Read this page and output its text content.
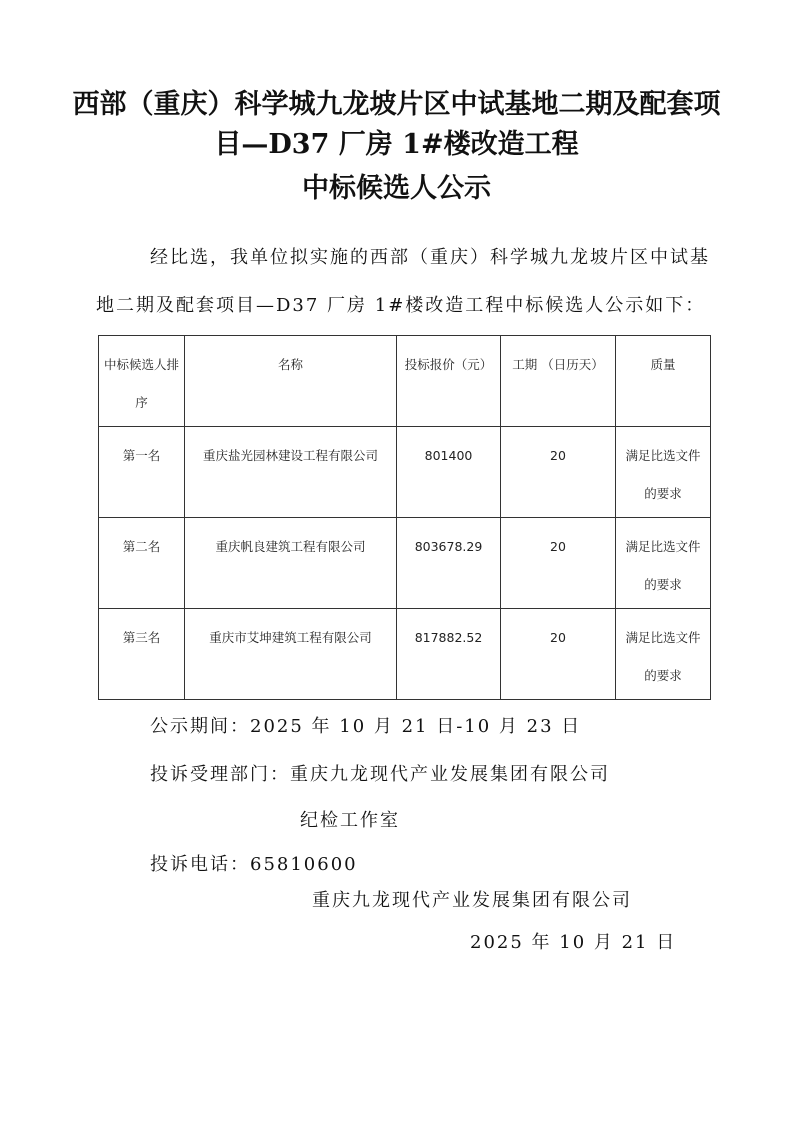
西部（重庆）科学城九龙坡片区中试基地二期及配套项
目—D37 厂房 1#楼改造工程
中标候选人公示
经比选，我单位拟实施的西部（重庆）科学城九龙坡片区中试基地二期及配套项目—D37 厂房 1#楼改造工程中标候选人公示如下：
中标候选人排序	名称	投标报价（元）	工期 （日历天）	质量
第一名	重庆盐光园林建设工程有限公司	801400	20	满足比选文件的要求
第二名	重庆帆良建筑工程有限公司	803678.29	20	满足比选文件的要求
第三名	重庆市艾坤建筑工程有限公司	817882.52	20	满足比选文件的要求
公示期间：2025 年 10 月 21 日-10 月 23 日
投诉受理部门：重庆九龙现代产业发展集团有限公司
纪检工作室
投诉电话：65810600
重庆九龙现代产业发展集团有限公司
2025 年 10 月 21 日
